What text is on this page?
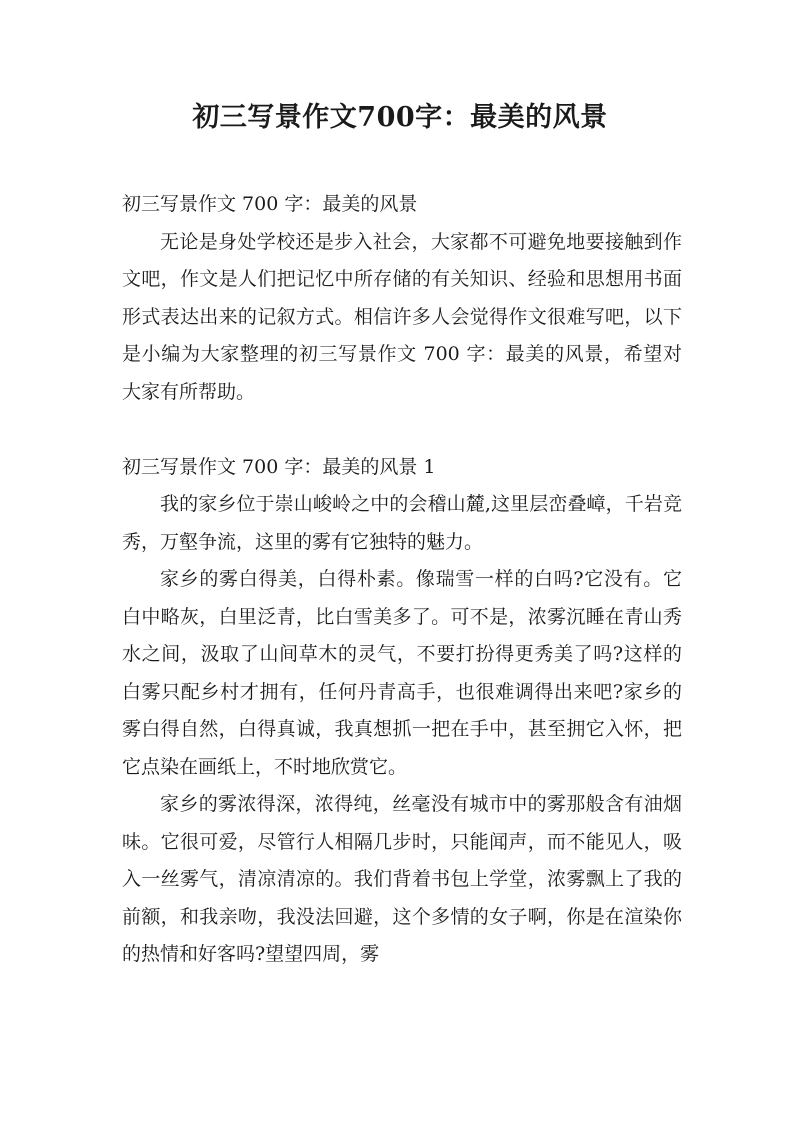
初三写景作文700字：最美的风景

初三写景作文 700 字：最美的风景

无论是身处学校还是步入社会，大家都不可避免地要接触到作文吧，作文是人们把记忆中所存储的有关知识、经验和思想用书面形式表达出来的记叙方式。相信许多人会觉得作文很难写吧，以下是小编为大家整理的初三写景作文 700 字：最美的风景，希望对大家有所帮助。

初三写景作文 700 字：最美的风景 1

我的家乡位于崇山峻岭之中的会稽山麓,这里层峦叠嶂，千岩竞秀，万壑争流，这里的雾有它独特的魅力。

家乡的雾白得美，白得朴素。像瑞雪一样的白吗?它没有。它白中略灰，白里泛青，比白雪美多了。可不是，浓雾沉睡在青山秀水之间，汲取了山间草木的灵气，不要打扮得更秀美了吗?这样的白雾只配乡村才拥有，任何丹青高手，也很难调得出来吧?家乡的雾白得自然，白得真诚，我真想抓一把在手中，甚至拥它入怀，把它点染在画纸上，不时地欣赏它。

家乡的雾浓得深，浓得纯，丝毫没有城市中的雾那般含有油烟味。它很可爱，尽管行人相隔几步时，只能闻声，而不能见人，吸入一丝雾气，清凉清凉的。我们背着书包上学堂，浓雾飘上了我的前额，和我亲吻，我没法回避，这个多情的女子啊，你是在渲染你的热情和好客吗?望望四周，雾
